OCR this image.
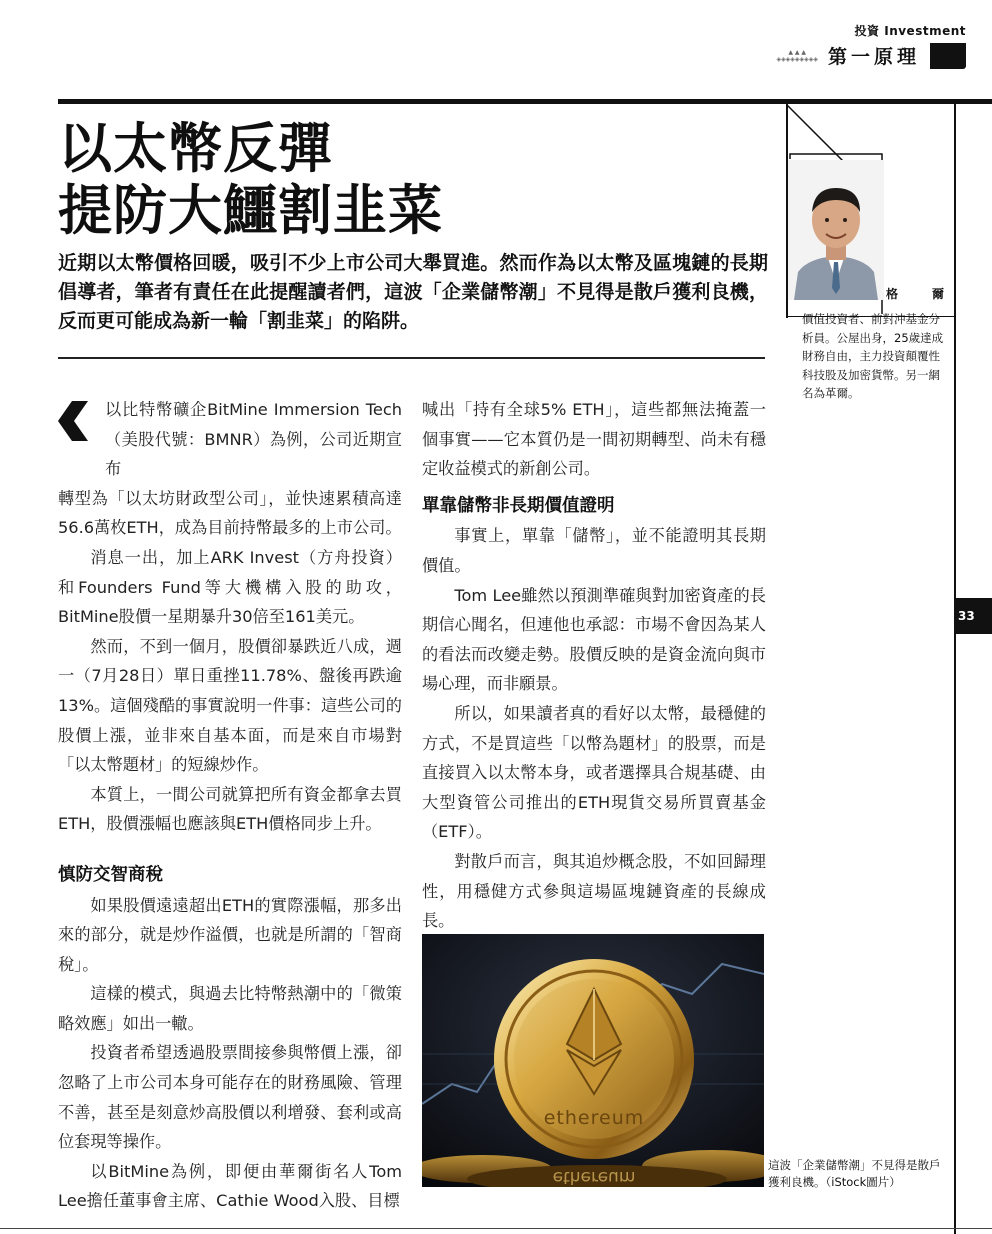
投資 Investment
▲ ▲ ▲
◈◈◈◈◈◈◈◈◈ 第一原理
以太幣反彈
提防大鱷割韭菜
近期以太幣價格回暖，吸引不少上市公司大舉買進。然而作為以太幣及區塊鏈的長期倡導者，筆者有責任在此提醒讀者們，這波「企業儲幣潮」不見得是散戶獲利良機，反而更可能成為新一輪「割韭菜」的陷阱。

以比特幣礦企BitMine Immersion Tech（美股代號：BMNR）為例，公司近期宣布

轉型為「以太坊財政型公司」，並快速累積高達56.6萬枚ETH，成為目前持幣最多的上市公司。

消息一出，加上ARK Invest（方舟投資）和Founders Fund等大機構入股的助攻，BitMine股價一星期暴升30倍至161美元。

然而，不到一個月，股價卻暴跌近八成，週一（7月28日）單日重挫11.78%、盤後再跌逾13%。這個殘酷的事實說明一件事：這些公司的股價上漲，並非來自基本面，而是來自市場對「以太幣題材」的短線炒作。

本質上，一間公司就算把所有資金都拿去買ETH，股價漲幅也應該與ETH價格同步上升。

慎防交智商稅

如果股價遠遠超出ETH的實際漲幅，那多出來的部分，就是炒作溢價，也就是所謂的「智商稅」。

這樣的模式，與過去比特幣熱潮中的「微策略效應」如出一轍。

投資者希望透過股票間接參與幣價上漲，卻忽略了上市公司本身可能存在的財務風險、管理不善，甚至是刻意炒高股價以利增發、套利或高位套現等操作。

以BitMine為例，即便由華爾街名人Tom Lee擔任董事會主席、Cathie Wood入股、目標

喊出「持有全球5% ETH」，這些都無法掩蓋一個事實——它本質仍是一間初期轉型、尚未有穩定收益模式的新創公司。

單靠儲幣非長期價值證明

事實上，單靠「儲幣」，並不能證明其長期價值。

Tom Lee雖然以預測準確與對加密資產的長期信心聞名，但連他也承認：市場不會因為某人的看法而改變走勢。股價反映的是資金流向與市場心理，而非願景。

所以，如果讀者真的看好以太幣，最穩健的方式，不是買這些「以幣為題材」的股票，而是直接買入以太幣本身，或者選擇具合規基礎、由大型資管公司推出的ETH現貨交易所買賣基金（ETF）。

對散戶而言，與其追炒概念股，不如回歸理性，用穩健方式參與這場區塊鏈資產的長線成長。

ethereum
ethereum
格爾
價值投資者、前對沖基金分析員。公屋出身，25歲達成財務自由，主力投資顛覆性科技股及加密貨幣。另一網名為革爾。
33
這波「企業儲幣潮」不見得是散戶獲利良機。（iStock圖片）
